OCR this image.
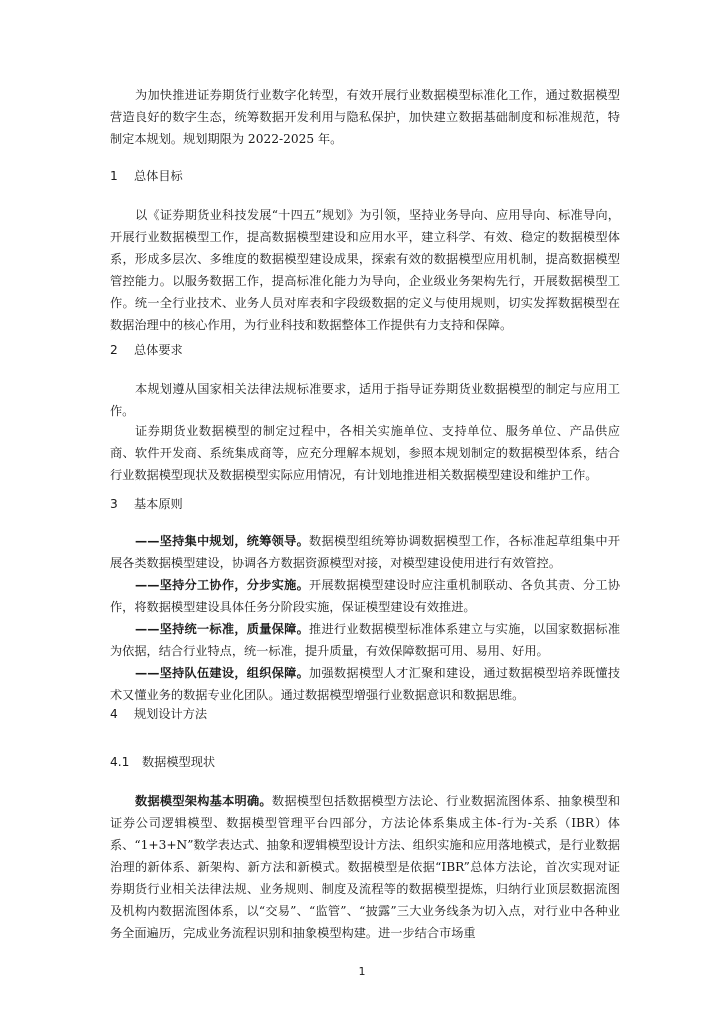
为加快推进证券期货行业数字化转型，有效开展行业数据模型标准化工作，通过数据模型营造良好的数字生态，统筹数据开发利用与隐私保护，加快建立数据基础制度和标准规范，特制定本规划。规划期限为 2022-2025 年。

1 总体目标

以《证券期货业科技发展“十四五”规划》为引领，坚持业务导向、应用导向、标准导向，开展行业数据模型工作，提高数据模型建设和应用水平，建立科学、有效、稳定的数据模型体系，形成多层次、多维度的数据模型建设成果，探索有效的数据模型应用机制，提高数据模型管控能力。以服务数据工作，提高标准化能力为导向，企业级业务架构先行，开展数据模型工作。统一全行业技术、业务人员对库表和字段级数据的定义与使用规则，切实发挥数据模型在数据治理中的核心作用，为行业科技和数据整体工作提供有力支持和保障。

2 总体要求

本规划遵从国家相关法律法规标准要求，适用于指导证券期货业数据模型的制定与应用工作。

证券期货业数据模型的制定过程中，各相关实施单位、支持单位、服务单位、产品供应商、软件开发商、系统集成商等，应充分理解本规划，参照本规划制定的数据模型体系，结合行业数据模型现状及数据模型实际应用情况，有计划地推进相关数据模型建设和维护工作。

3 基本原则

——坚持集中规划，统筹领导。数据模型组统筹协调数据模型工作，各标准起草组集中开展各类数据模型建设，协调各方数据资源模型对接，对模型建设使用进行有效管控。

——坚持分工协作，分步实施。开展数据模型建设时应注重机制联动、各负其责、分工协作，将数据模型建设具体任务分阶段实施，保证模型建设有效推进。

——坚持统一标准，质量保障。推进行业数据模型标准体系建立与实施，以国家数据标准为依据，结合行业特点，统一标准，提升质量，有效保障数据可用、易用、好用。

——坚持队伍建设，组织保障。加强数据模型人才汇聚和建设，通过数据模型培养既懂技术又懂业务的数据专业化团队。通过数据模型增强行业数据意识和数据思维。

4 规划设计方法
4.1 数据模型现状

数据模型架构基本明确。数据模型包括数据模型方法论、行业数据流图体系、抽象模型和证券公司逻辑模型、数据模型管理平台四部分，方法论体系集成主体-行为-关系（IBR）体系、“1+3+N”数学表达式、抽象和逻辑模型设计方法、组织实施和应用落地模式，是行业数据治理的新体系、新架构、新方法和新模式。数据模型是依据“IBR”总体方法论，首次实现对证券期货行业相关法律法规、业务规则、制度及流程等的数据模型提炼，归纳行业顶层数据流图及机构内数据流图体系，以“交易”、“监管”、“披露”三大业务线条为切入点，对行业中各种业务全面遍历，完成业务流程识别和抽象模型构建。进一步结合市场重

1
